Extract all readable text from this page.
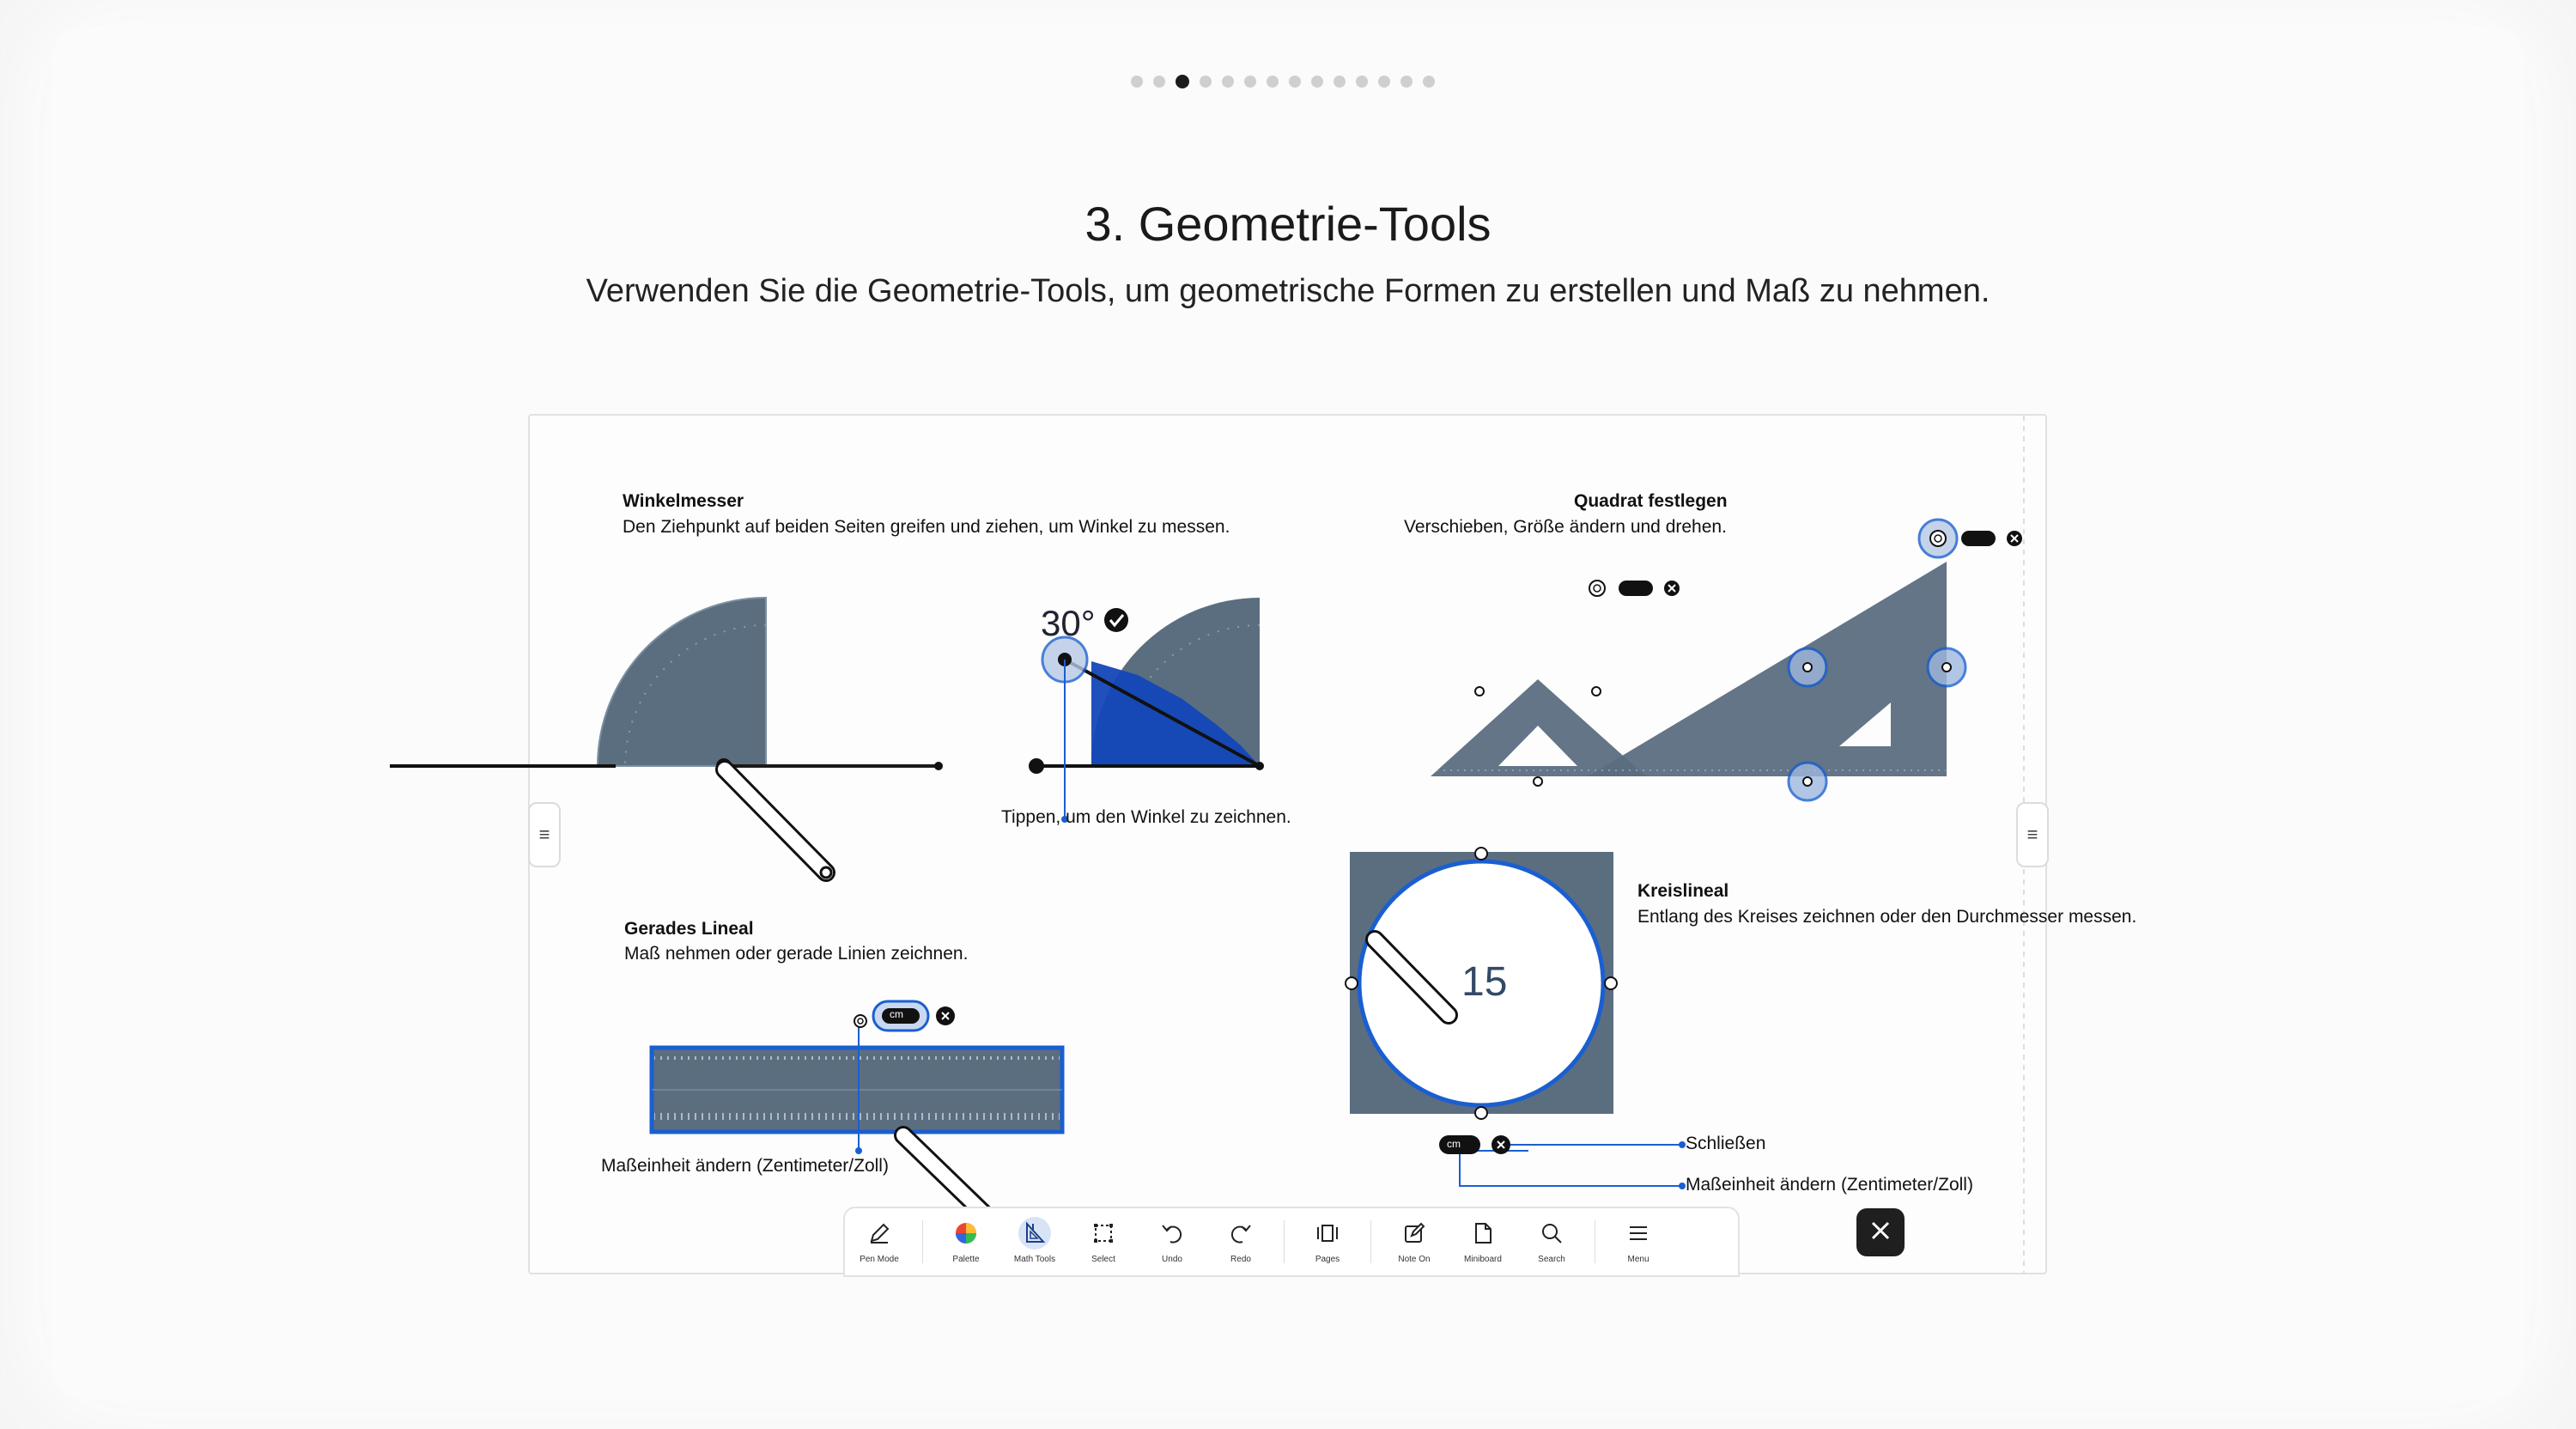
3. Geometrie-Tools
Verwenden Sie die Geometrie-Tools, um geometrische Formen zu erstellen und Maß zu nehmen.
Winkelmesser
Den Ziehpunkt auf beiden Seiten greifen und ziehen, um Winkel zu messen.
30°
Tippen, um den Winkel zu zeichnen.
Quadrat festlegen
Verschieben, Größe ändern und drehen.
Gerades Lineal
Maß nehmen oder gerade Linien zeichnen.
Maßeinheit ändern (Zentimeter/Zoll)
cm
Kreislineal
Entlang des Kreises zeichnen oder den Durchmesser messen.
15
cm	Schließen
Maßeinheit ändern (Zentimeter/Zoll)
≡	≡
Pen Mode	Palette	Math Tools	Select	Undo	Redo	Pages	Note On	Miniboard	Search	Menu
